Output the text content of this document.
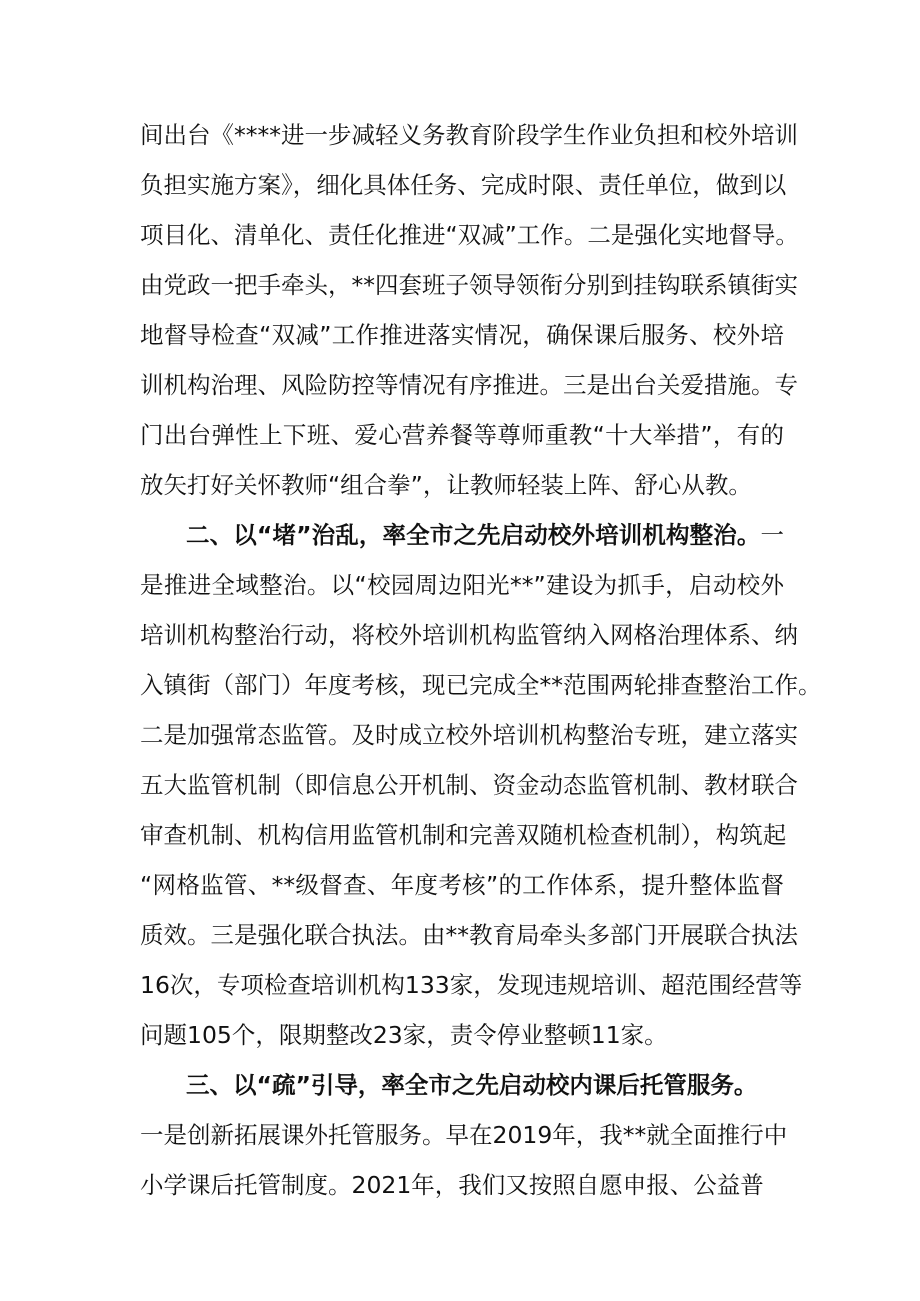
间出台《****进一步减轻义务教育阶段学生作业负担和校外培训
负担实施方案》，细化具体任务、完成时限、责任单位，做到以
项目化、清单化、责任化推进“双减”工作。二是强化实地督导。
由党政一把手牵头，**四套班子领导领衔分别到挂钩联系镇街实
地督导检查“双减”工作推进落实情况，确保课后服务、校外培
训机构治理、风险防控等情况有序推进。三是出台关爱措施。专
门出台弹性上下班、爱心营养餐等尊师重教“十大举措”，有的
放矢打好关怀教师“组合拳”，让教师轻装上阵、舒心从教。
二、以“堵”治乱，率全市之先启动校外培训机构整治。一
是推进全域整治。以“校园周边阳光**”建设为抓手，启动校外
培训机构整治行动，将校外培训机构监管纳入网格治理体系、纳
入镇街（部门）年度考核，现已完成全**范围两轮排查整治工作。
二是加强常态监管。及时成立校外培训机构整治专班，建立落实
五大监管机制（即信息公开机制、资金动态监管机制、教材联合
审查机制、机构信用监管机制和完善双随机检查机制），构筑起
“网格监管、**级督查、年度考核”的工作体系，提升整体监督
质效。三是强化联合执法。由**教育局牵头多部门开展联合执法
16次，专项检查培训机构133家，发现违规培训、超范围经营等
问题105个，限期整改23家，责令停业整顿11家。
三、以“疏”引导，率全市之先启动校内课后托管服务。
一是创新拓展课外托管服务。早在2019年，我**就全面推行中
小学课后托管制度。2021年，我们又按照自愿申报、公益普
